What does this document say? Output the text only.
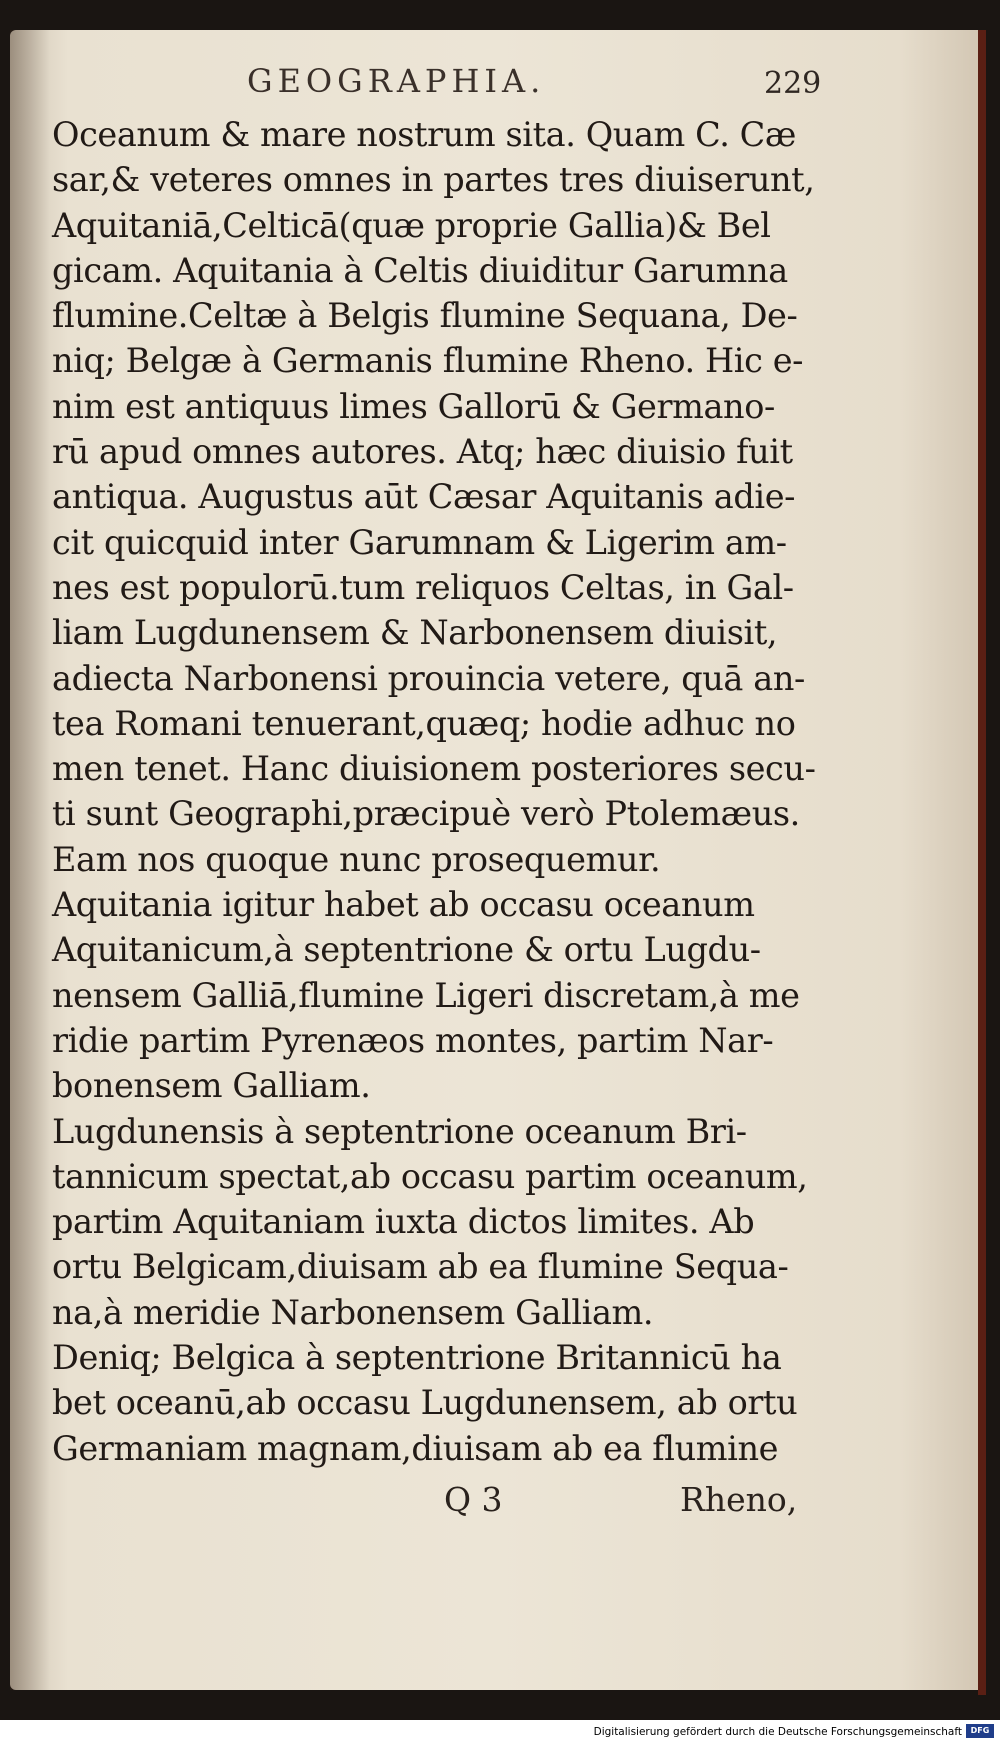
GEOGRAPHIA.	229
Oceanum & mare nostrum sita. Quam C. Cæ
sar,& veteres omnes in partes tres diuiserunt,
Aquitaniā,Celticā(quæ proprie Gallia)& Bel
gicam. Aquitania à Celtis diuiditur Garumna
flumine.Celtæ à Belgis flumine Sequana, De-
niq; Belgæ à Germanis flumine Rheno. Hic e-
nim est antiquus limes Gallorū & Germano-
rū apud omnes autores. Atq; hæc diuisio fuit
antiqua. Augustus aūt Cæsar Aquitanis adie-
cit quicquid inter Garumnam & Ligerim am-
nes est populorū.tum reliquos Celtas, in Gal-
liam Lugdunensem & Narbonensem diuisit,
adiecta Narbonensi prouincia vetere, quā an-
tea Romani tenuerant,quæq; hodie adhuc no
men tenet. Hanc diuisionem posteriores secu-
ti sunt Geographi,præcipuè verò Ptolemæus.
Eam nos quoque nunc prosequemur.
Aquitania igitur habet ab occasu oceanum
Aquitanicum,à septentrione & ortu Lugdu-
nensem Galliā,flumine Ligeri discretam,à me
ridie partim Pyrenæos montes, partim Nar-
bonensem Galliam.
Lugdunensis à septentrione oceanum Bri-
tannicum spectat,ab occasu partim oceanum,
partim Aquitaniam iuxta dictos limites. Ab
ortu Belgicam,diuisam ab ea flumine Sequa-
na,à meridie Narbonensem Galliam.
Deniq; Belgica à septentrione Britannicū ha
bet oceanū,ab occasu Lugdunensem, ab ortu
Germaniam magnam,diuisam ab ea flumine
Q 3	Rheno,
Digitalisierung gefördert durch die Deutsche Forschungsgemeinschaft	DFG
